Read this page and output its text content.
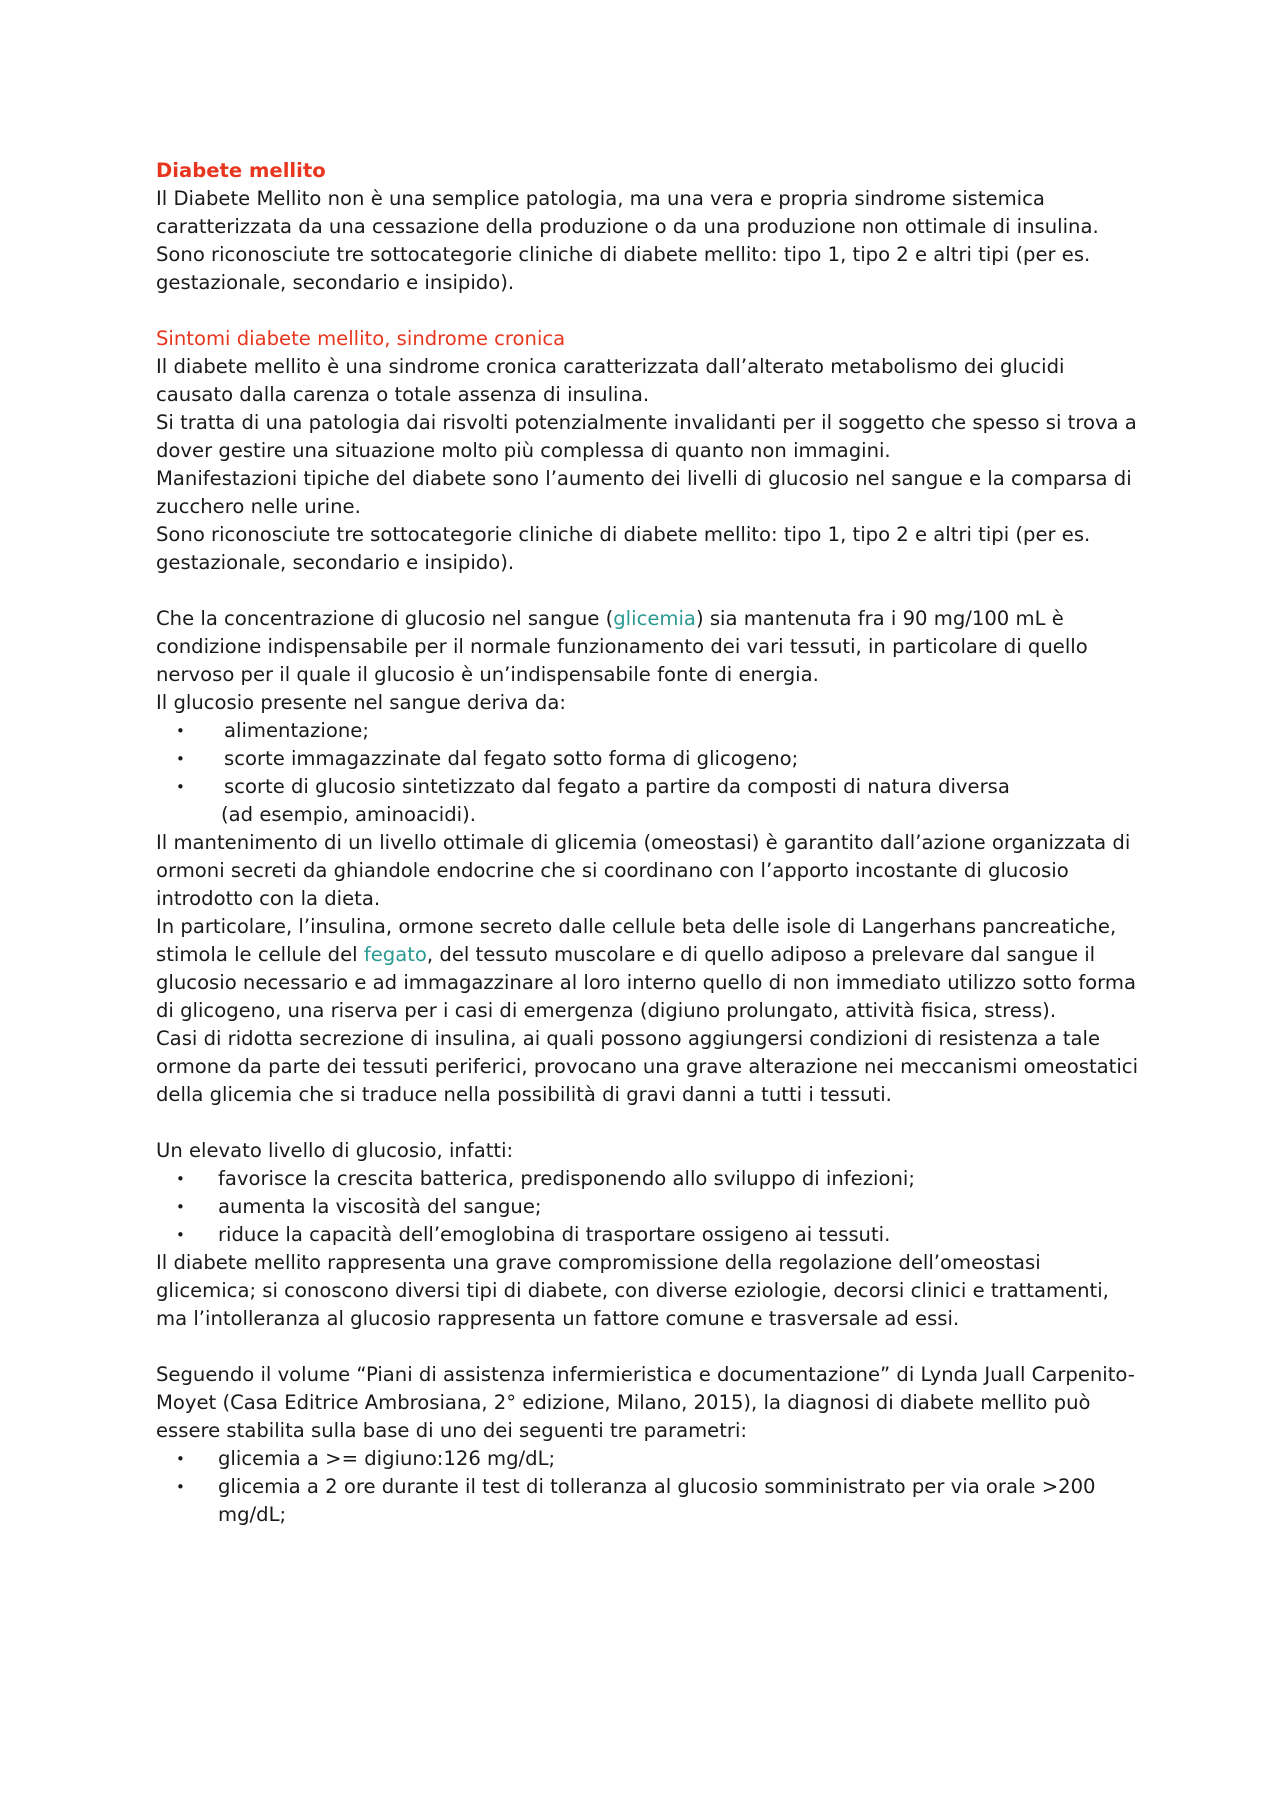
Diabete mellito

Il Diabete Mellito non è una semplice patologia, ma una vera e propria sindrome sistemica caratterizzata da una cessazione della produzione o da una produzione non ottimale di insulina. Sono riconosciute tre sottocategorie cliniche di diabete mellito: tipo 1, tipo 2 e altri tipi (per es. gestazionale, secondario e insipido).

Sintomi diabete mellito, sindrome cronica

Il diabete mellito è una sindrome cronica caratterizzata dall’alterato metabolismo dei glucidi causato dalla carenza o totale assenza di insulina.

Si tratta di una patologia dai risvolti potenzialmente invalidanti per il soggetto che spesso si trova a dover gestire una situazione molto più complessa di quanto non immagini.

Manifestazioni tipiche del diabete sono l’aumento dei livelli di glucosio nel sangue e la comparsa di zucchero nelle urine.

Sono riconosciute tre sottocategorie cliniche di diabete mellito: tipo 1, tipo 2 e altri tipi (per es. gestazionale, secondario e insipido).

Che la concentrazione di glucosio nel sangue (glicemia) sia mantenuta fra i 90 mg/100 mL è condizione indispensabile per il normale funzionamento dei vari tessuti, in particolare di quello nervoso per il quale il glucosio è un’indispensabile fonte di energia.

Il glucosio presente nel sangue deriva da:

•	alimentazione;
•	scorte immagazzinate dal fegato sotto forma di glicogeno;
•	scorte di glucosio sintetizzato dal fegato a partire da composti di natura diversa

(ad esempio, aminoacidi).

Il mantenimento di un livello ottimale di glicemia (omeostasi) è garantito dall’azione organizzata di ormoni secreti da ghiandole endocrine che si coordinano con l’apporto incostante di glucosio introdotto con la dieta.

In particolare, l’insulina, ormone secreto dalle cellule beta delle isole di Langerhans pancreatiche, stimola le cellule del fegato, del tessuto muscolare e di quello adiposo a prelevare dal sangue il glucosio necessario e ad immagazzinare al loro interno quello di non immediato utilizzo sotto forma di glicogeno, una riserva per i casi di emergenza (digiuno prolungato, attività fisica, stress).

Casi di ridotta secrezione di insulina, ai quali possono aggiungersi condizioni di resistenza a tale ormone da parte dei tessuti periferici, provocano una grave alterazione nei meccanismi omeostatici della glicemia che si traduce nella possibilità di gravi danni a tutti i tessuti.

Un elevato livello di glucosio, infatti:

•	favorisce la crescita batterica, predisponendo allo sviluppo di infezioni;
•	aumenta la viscosità del sangue;
•	riduce la capacità dell’emoglobina di trasportare ossigeno ai tessuti.

Il diabete mellito rappresenta una grave compromissione della regolazione dell’omeostasi glicemica; si conoscono diversi tipi di diabete, con diverse eziologie, decorsi clinici e trattamenti, ma l’intolleranza al glucosio rappresenta un fattore comune e trasversale ad essi.

Seguendo il volume “Piani di assistenza infermieristica e documentazione” di Lynda Juall Carpenito-Moyet (Casa Editrice Ambrosiana, 2° edizione, Milano, 2015), la diagnosi di diabete mellito può essere stabilita sulla base di uno dei seguenti tre parametri:

•	glicemia a >= digiuno:126 mg/dL;
•	glicemia a 2 ore durante il test di tolleranza al glucosio somministrato per via orale >200 mg/dL;
